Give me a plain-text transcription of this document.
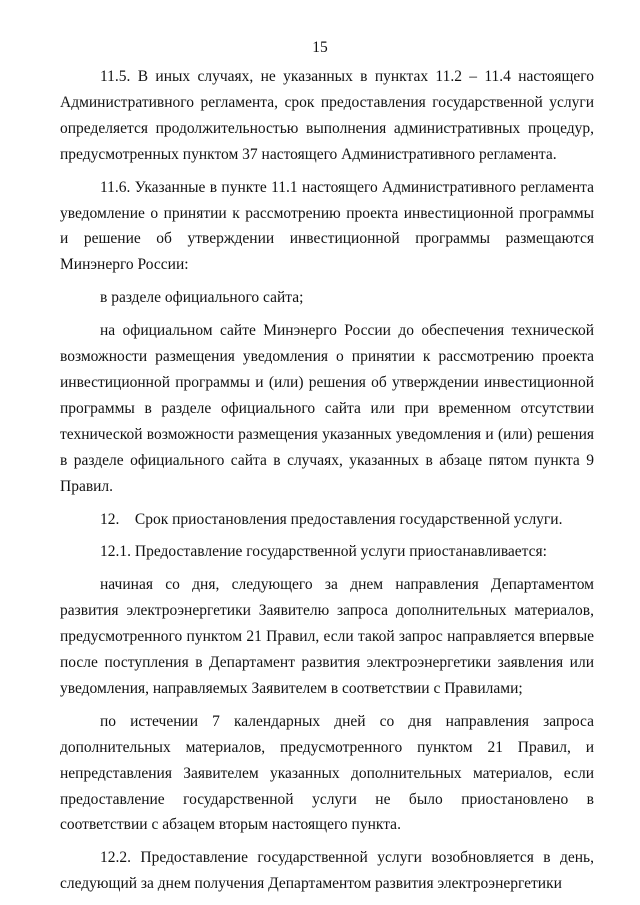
15

11.5. В иных случаях, не указанных в пунктах 11.2 – 11.4 настоящего Административного регламента, срок предоставления государственной услуги определяется продолжительностью выполнения административных процедур, предусмотренных пунктом 37 настоящего Административного регламента.

11.6. Указанные в пункте 11.1 настоящего Административного регламента уведомление о принятии к рассмотрению проекта инвестиционной программы и решение об утверждении инвестиционной программы размещаются Минэнерго России:

в разделе официального сайта;

на официальном сайте Минэнерго России до обеспечения технической возможности размещения уведомления о принятии к рассмотрению проекта инвестиционной программы и (или) решения об утверждении инвестиционной программы в разделе официального сайта или при временном отсутствии технической возможности размещения указанных уведомления и (или) решения в разделе официального сайта в случаях, указанных в абзаце пятом пункта 9 Правил.

12.    Срок приостановления предоставления государственной услуги.

12.1. Предоставление государственной услуги приостанавливается:

начиная со дня, следующего за днем направления Департаментом развития электроэнергетики Заявителю запроса дополнительных материалов, предусмотренного пунктом 21 Правил, если такой запрос направляется впервые после поступления в Департамент развития электроэнергетики заявления или уведомления, направляемых Заявителем в соответствии с Правилами;

по истечении 7 календарных дней со дня направления запроса дополнительных материалов, предусмотренного пунктом 21 Правил, и непредставления Заявителем указанных дополнительных материалов, если предоставление государственной услуги не было приостановлено в соответствии с абзацем вторым настоящего пункта.

12.2. Предоставление государственной услуги возобновляется в день, следующий за днем получения Департаментом развития электроэнергетики
